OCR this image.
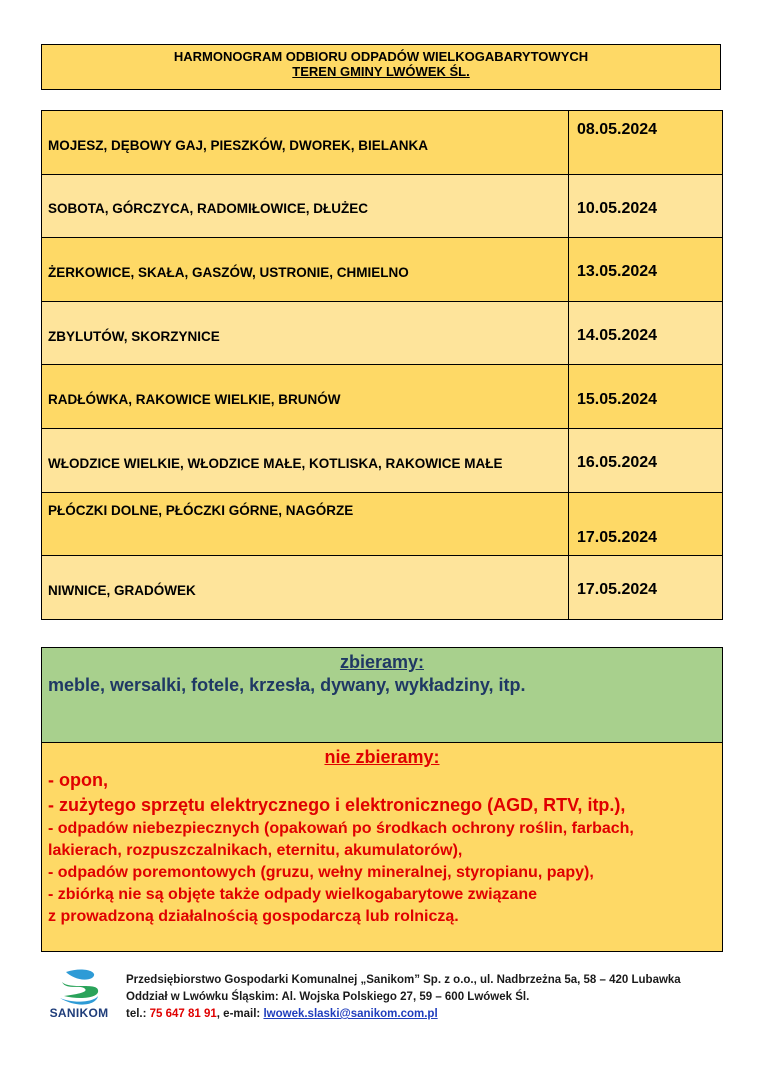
HARMONOGRAM ODBIORU ODPADÓW WIELKOGABARYTOWYCH
TEREN GMINY LWÓWEK ŚL.
MOJESZ, DĘBOWY GAJ, PIESZKÓW, DWOREK, BIELANKA	08.05.2024

SOBOTA, GÓRCZYCA, RADOMIŁOWICE, DŁUŻEC	10.05.2024

ŻERKOWICE, SKAŁA, GASZÓW, USTRONIE, CHMIELNO	13.05.2024

ZBYLUTÓW, SKORZYNICE	14.05.2024

RADŁÓWKA, RAKOWICE WIELKIE, BRUNÓW	15.05.2024

WŁODZICE WIELKIE, WŁODZICE MAŁE, KOTLISKA, RAKOWICE MAŁE	16.05.2024

PŁÓCZKI DOLNE, PŁÓCZKI GÓRNE, NAGÓRZE	17.05.2024

NIWNICE, GRADÓWEK	17.05.2024
zbieramy:
meble, wersalki, fotele, krzesła, dywany, wykładziny, itp.
nie zbieramy:
- opon,
- zużytego sprzętu elektrycznego i elektronicznego (AGD, RTV, itp.),
- odpadów niebezpiecznych (opakowań po środkach ochrony roślin, farbach,
lakierach, rozpuszczalnikach, eternitu, akumulatorów),
- odpadów poremontowych (gruzu, wełny mineralnej, styropianu, papy),
- zbiórką nie są objęte także odpady wielkogabarytowe związane
z prowadzoną działalnością gospodarczą lub rolniczą.
SANIKOM
Przedsiębiorstwo Gospodarki Komunalnej „Sanikom” Sp. z o.o., ul. Nadbrzeżna 5a, 58 – 420 Lubawka
Oddział w Lwówku Śląskim: Al. Wojska Polskiego 27, 59 – 600 Lwówek Śl.
tel.: 75 647 81 91, e-mail: lwowek.slaski@sanikom.com.pl
